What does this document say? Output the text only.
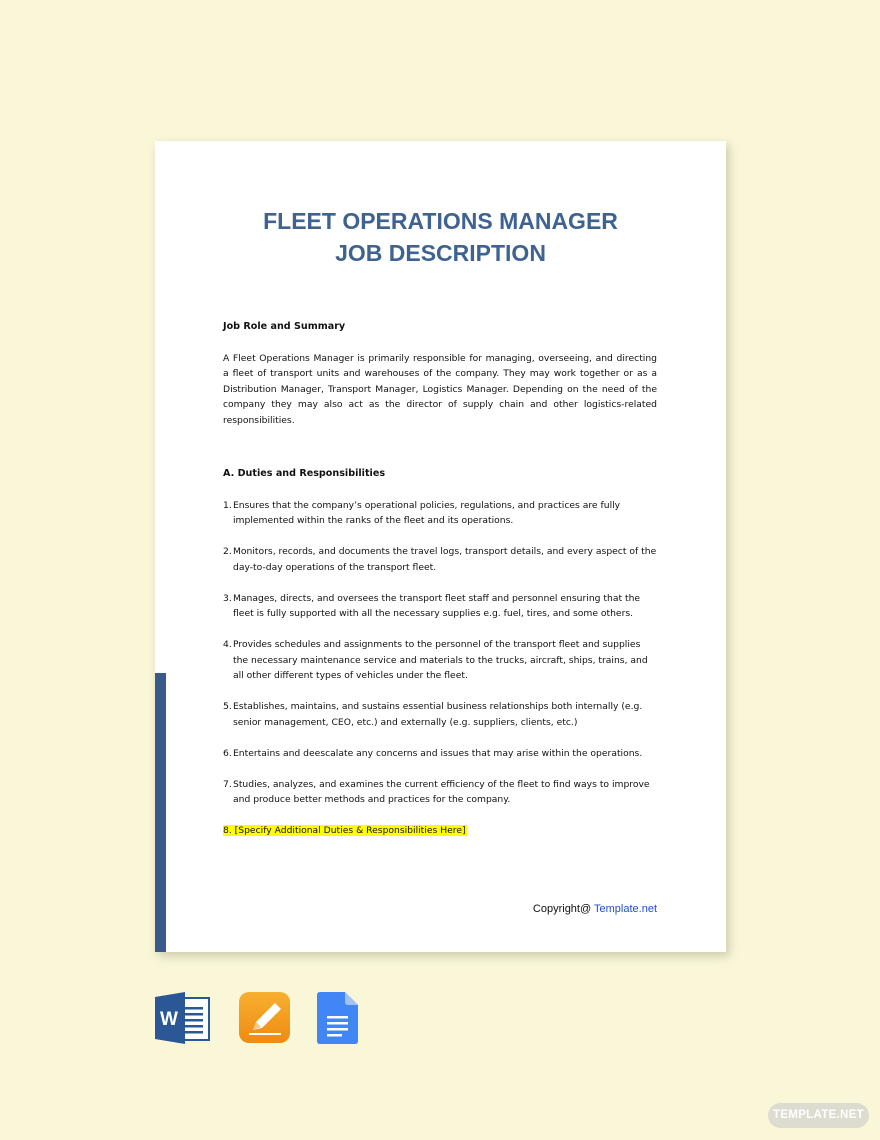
FLEET OPERATIONS MANAGER
JOB DESCRIPTION

Job Role and Summary

A Fleet Operations Manager is primarily responsible for managing, overseeing, and directing a fleet of transport units and warehouses of the company. They may work together or as a Distribution Manager, Transport Manager, Logistics Manager. Depending on the need of the company they may also act as the director of supply chain and other logistics-related responsibilities.

A. Duties and Responsibilities

1. Ensures that the company’s operational policies, regulations, and practices are fully implemented within the ranks of the fleet and its operations.
2. Monitors, records, and documents the travel logs, transport details, and every aspect of the day-to-day operations of the transport fleet.
3. Manages, directs, and oversees the transport fleet staff and personnel ensuring that the fleet is fully supported with all the necessary supplies e.g. fuel, tires, and some others.
4. Provides schedules and assignments to the personnel of the transport fleet and supplies the necessary maintenance service and materials to the trucks, aircraft, ships, trains, and all other different types of vehicles under the fleet.
5. Establishes, maintains, and sustains essential business relationships both internally (e.g. senior management, CEO, etc.) and externally (e.g. suppliers, clients, etc.)
6. Entertains and deescalate any concerns and issues that may arise within the operations.
7. Studies, analyzes, and examines the current efficiency of the fleet to find ways to improve and produce better methods and practices for the company.
8. [Specify Additional Duties & Responsibilities Here]
Copyright@ Template.net
W
TEMPLATE.NET
